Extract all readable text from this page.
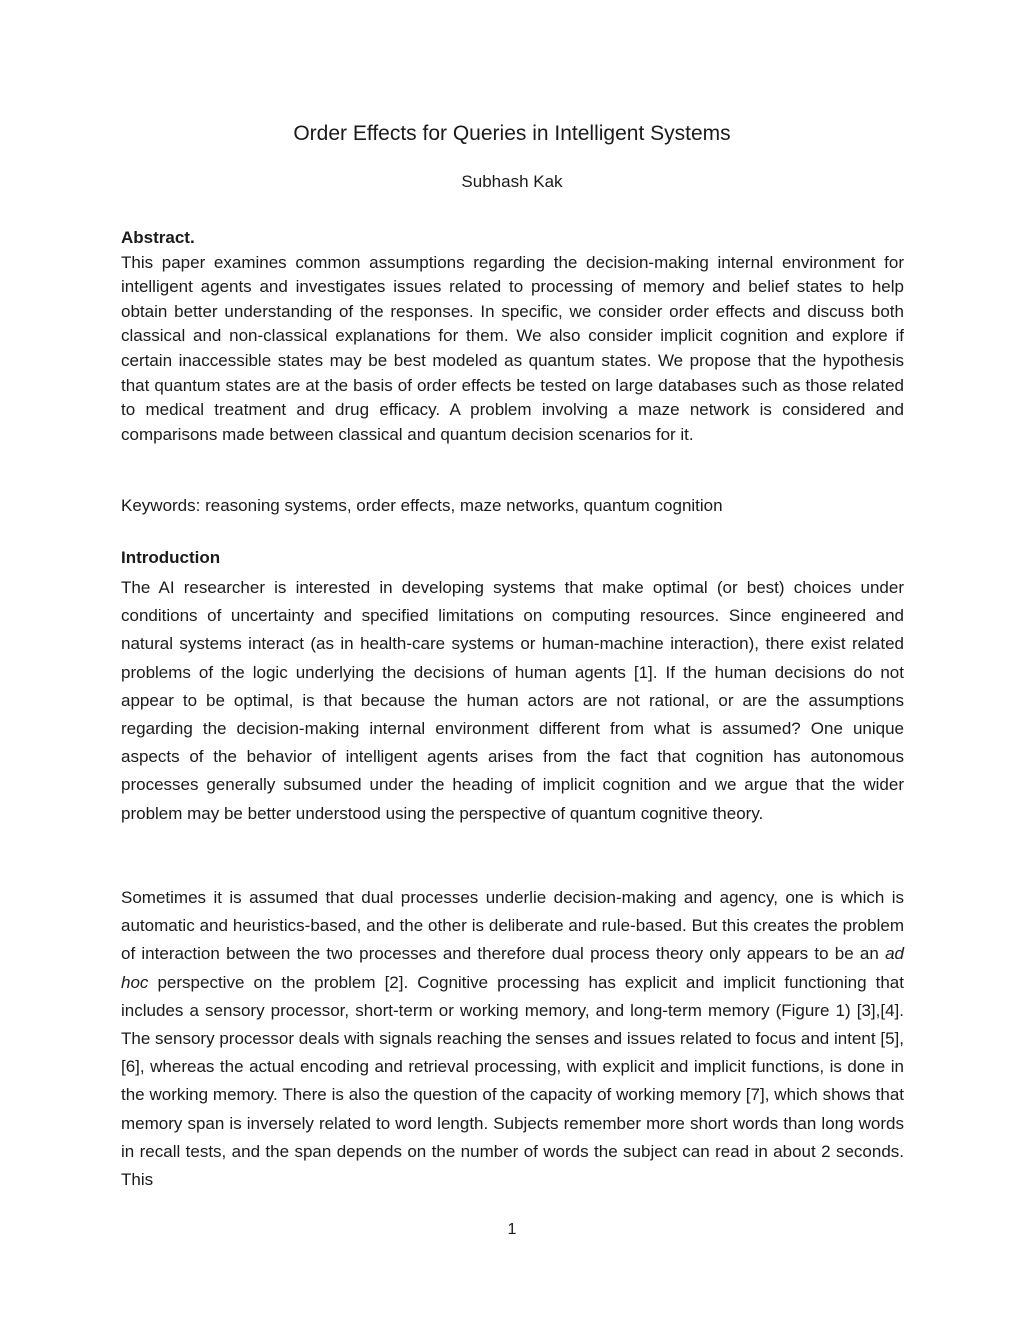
Order Effects for Queries in Intelligent Systems
Subhash Kak
Abstract.
This paper examines common assumptions regarding the decision-making internal environment for intelligent agents and investigates issues related to processing of memory and belief states to help obtain better understanding of the responses. In specific, we consider order effects and discuss both classical and non-classical explanations for them. We also consider implicit cognition and explore if certain inaccessible states may be best modeled as quantum states. We propose that the hypothesis that quantum states are at the basis of order effects be tested on large databases such as those related to medical treatment and drug efficacy. A problem involving a maze network is considered and comparisons made between classical and quantum decision scenarios for it.
Keywords: reasoning systems, order effects, maze networks, quantum cognition
Introduction

The AI researcher is interested in developing systems that make optimal (or best) choices under conditions of uncertainty and specified limitations on computing resources. Since engineered and natural systems interact (as in health-care systems or human-machine interaction), there exist related problems of the logic underlying the decisions of human agents [1]. If the human decisions do not appear to be optimal, is that because the human actors are not rational, or are the assumptions regarding the decision-making internal environment different from what is assumed? One unique aspects of the behavior of intelligent agents arises from the fact that cognition has autonomous processes generally subsumed under the heading of implicit cognition and we argue that the wider problem may be better understood using the perspective of quantum cognitive theory.

Sometimes it is assumed that dual processes underlie decision-making and agency, one is which is automatic and heuristics-based, and the other is deliberate and rule-based. But this creates the problem of interaction between the two processes and therefore dual process theory only appears to be an ad hoc perspective on the problem [2]. Cognitive processing has explicit and implicit functioning that includes a sensory processor, short-term or working memory, and long-term memory (Figure 1) [3],[4]. The sensory processor deals with signals reaching the senses and issues related to focus and intent [5],[6], whereas the actual encoding and retrieval processing, with explicit and implicit functions, is done in the working memory. There is also the question of the capacity of working memory [7], which shows that memory span is inversely related to word length. Subjects remember more short words than long words in recall tests, and the span depends on the number of words the subject can read in about 2 seconds. This

1
